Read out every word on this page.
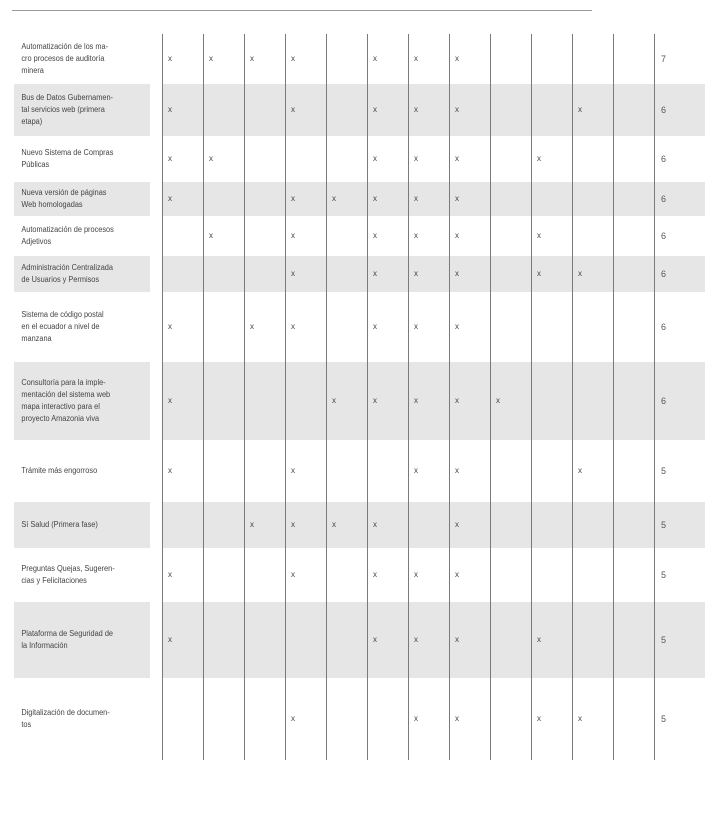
Automatización de los ma-
cro procesos de auditoría
minera	x	x	x	x		x	x	x					7
Bus de Datos Gubernamen-
tal servicios web (primera
etapa)	x			x		x	x	x			x		6
Nuevo Sistema de Compras
Públicas	x	x				x	x	x		x			6
Nueva versión de páginas
Web homologadas	x			x	x	x	x	x					6
Automatización de procesos
Adjetivos		x		x		x	x	x		x			6
Administración Centralizada
de Usuarios y Permisos				x		x	x	x		x	x		6
Sistema de código postal
en el ecuador a nivel de
manzana	x		x	x		x	x	x					6
Consultoría para la imple-
mentación del sistema web
mapa interactivo para el
proyecto Amazonia viva	x				x	x	x	x	x				6
Trámite más engorroso	x			x			x	x			x		5
Sí Salud (Primera fase)			x	x	x	x		x					5
Preguntas Quejas, Sugeren-
cias y Felicitaciones	x			x		x	x	x					5
Plataforma de Seguridad de
la Información	x					x	x	x		x			5
Digitalización de documen-
tos				x			x	x		x	x		5
